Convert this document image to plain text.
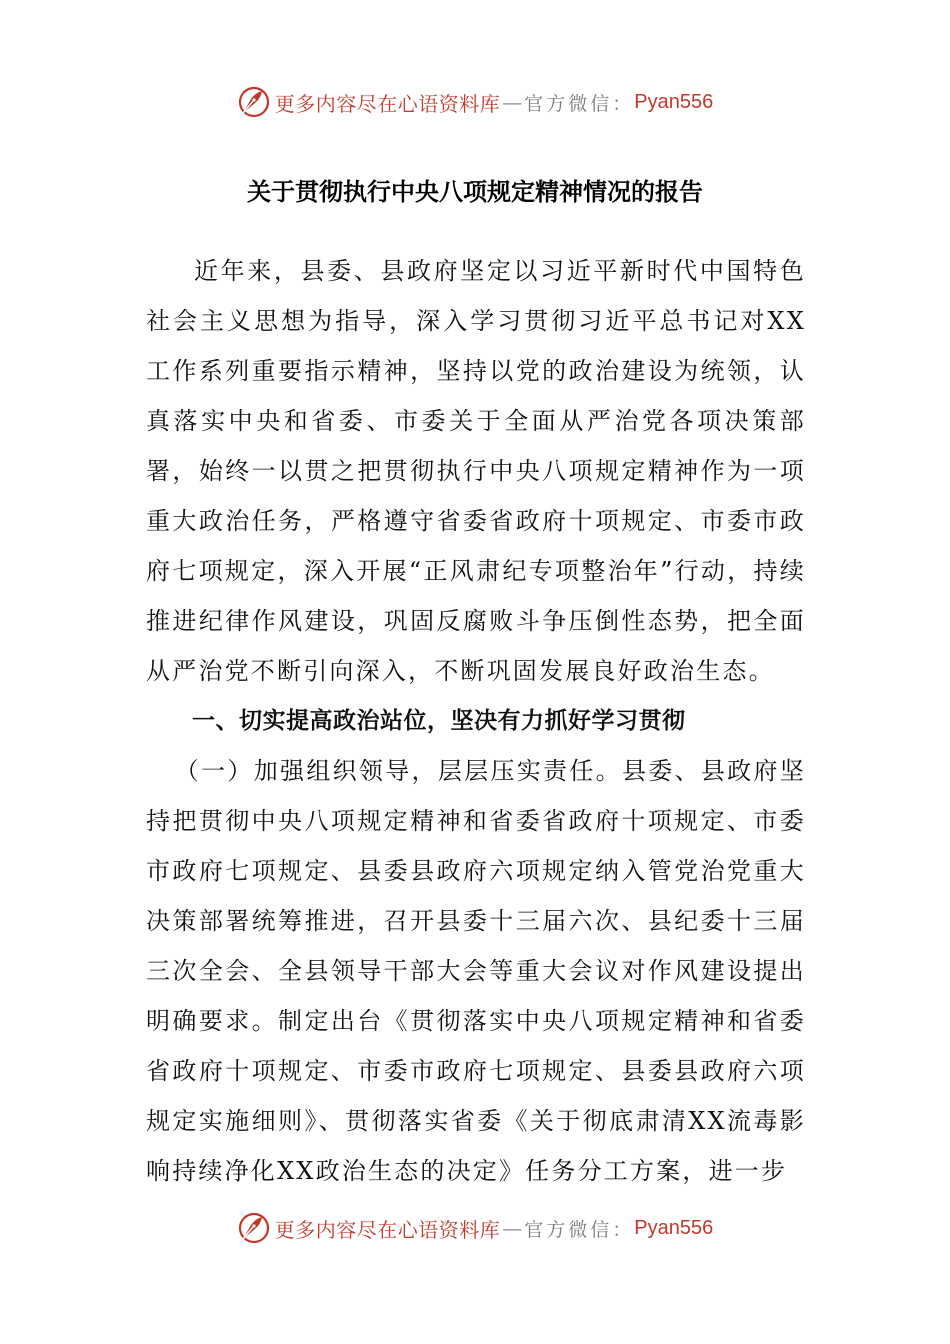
更多内容尽在心语资料库 — 官方微信： Pyan556
关于贯彻执行中央八项规定精神情况的报告

近年来，县委、县政府坚定以习近平新时代中国特色社会主义思想为指导，深入学习贯彻习近平总书记对XX工作系列重要指示精神，坚持以党的政治建设为统领，认真落实中央和省委、市委关于全面从严治党各项决策部署，始终一以贯之把贯彻执行中央八项规定精神作为一项重大政治任务，严格遵守省委省政府十项规定、市委市政府七项规定，深入开展“正风肃纪专项整治年”行动，持续推进纪律作风建设，巩固反腐败斗争压倒性态势，把全面从严治党不断引向深入，不断巩固发展良好政治生态。

一、切实提高政治站位，坚决有力抓好学习贯彻

（一）加强组织领导，层层压实责任。县委、县政府坚持把贯彻中央八项规定精神和省委省政府十项规定、市委市政府七项规定、县委县政府六项规定纳入管党治党重大决策部署统筹推进，召开县委十三届六次、县纪委十三届三次全会、全县领导干部大会等重大会议对作风建设提出明确要求。制定出台《贯彻落实中央八项规定精神和省委省政府十项规定、市委市政府七项规定、县委县政府六项规定实施细则》、贯彻落实省委《关于彻底肃清XX流毒影响持续净化XX政治生态的决定》任务分工方案，进一步

更多内容尽在心语资料库 — 官方微信： Pyan556
